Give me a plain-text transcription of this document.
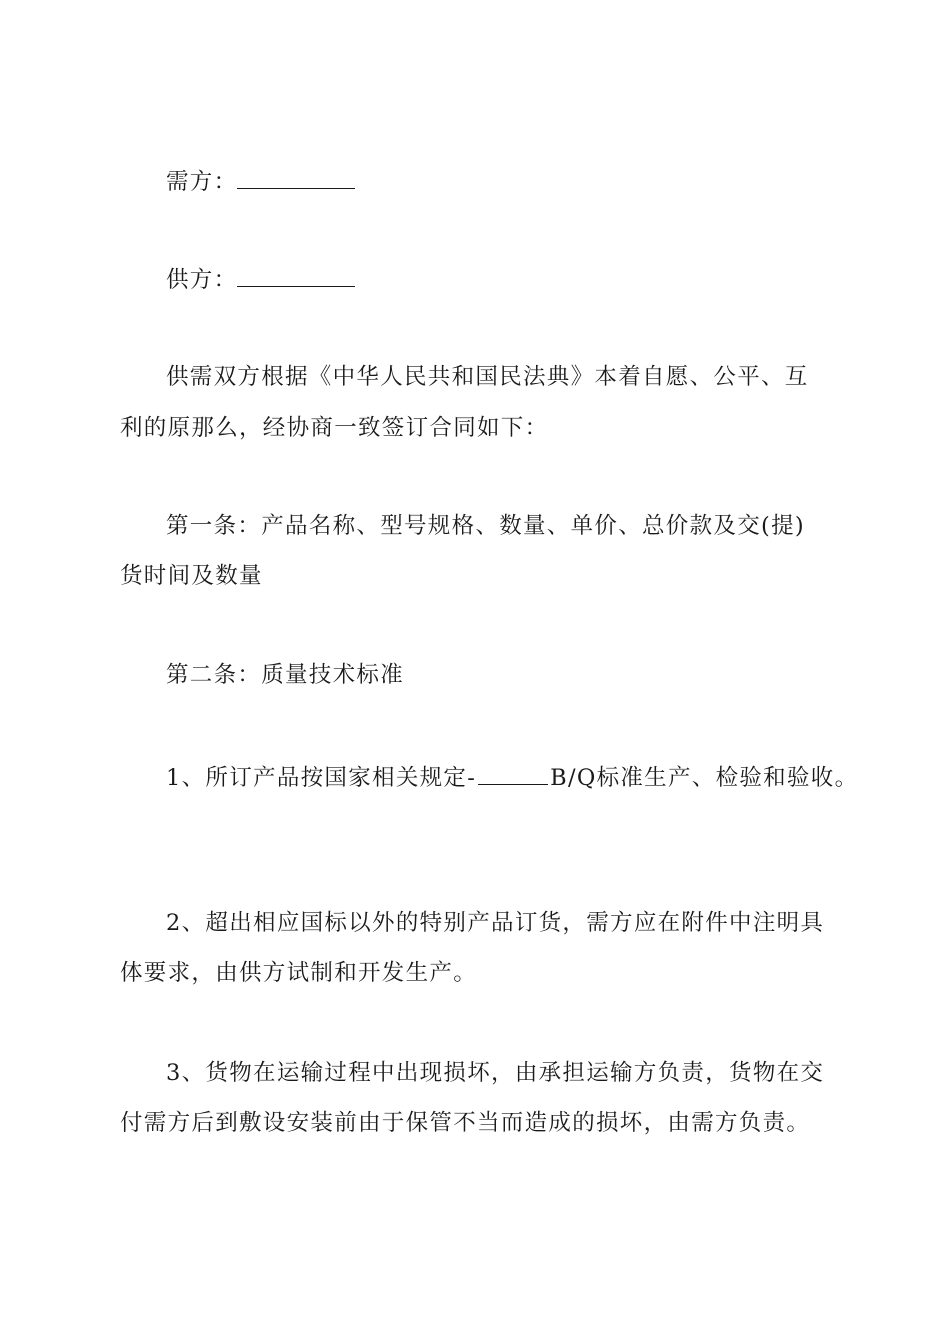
需方：
供方：
供需双方根据《中华人民共和国民法典》本着自愿、公平、互
利的原那么，经协商一致签订合同如下：
第一条：产品名称、型号规格、数量、单价、总价款及交(提)
货时间及数量
第二条：质量技术标准
1、所订产品按国家相关规定-	B/Q标准生产、检验和验收。
2、超出相应国标以外的特别产品订货，需方应在附件中注明具
体要求，由供方试制和开发生产。
3、货物在运输过程中出现损坏，由承担运输方负责，货物在交
付需方后到敷设安装前由于保管不当而造成的损坏，由需方负责。
